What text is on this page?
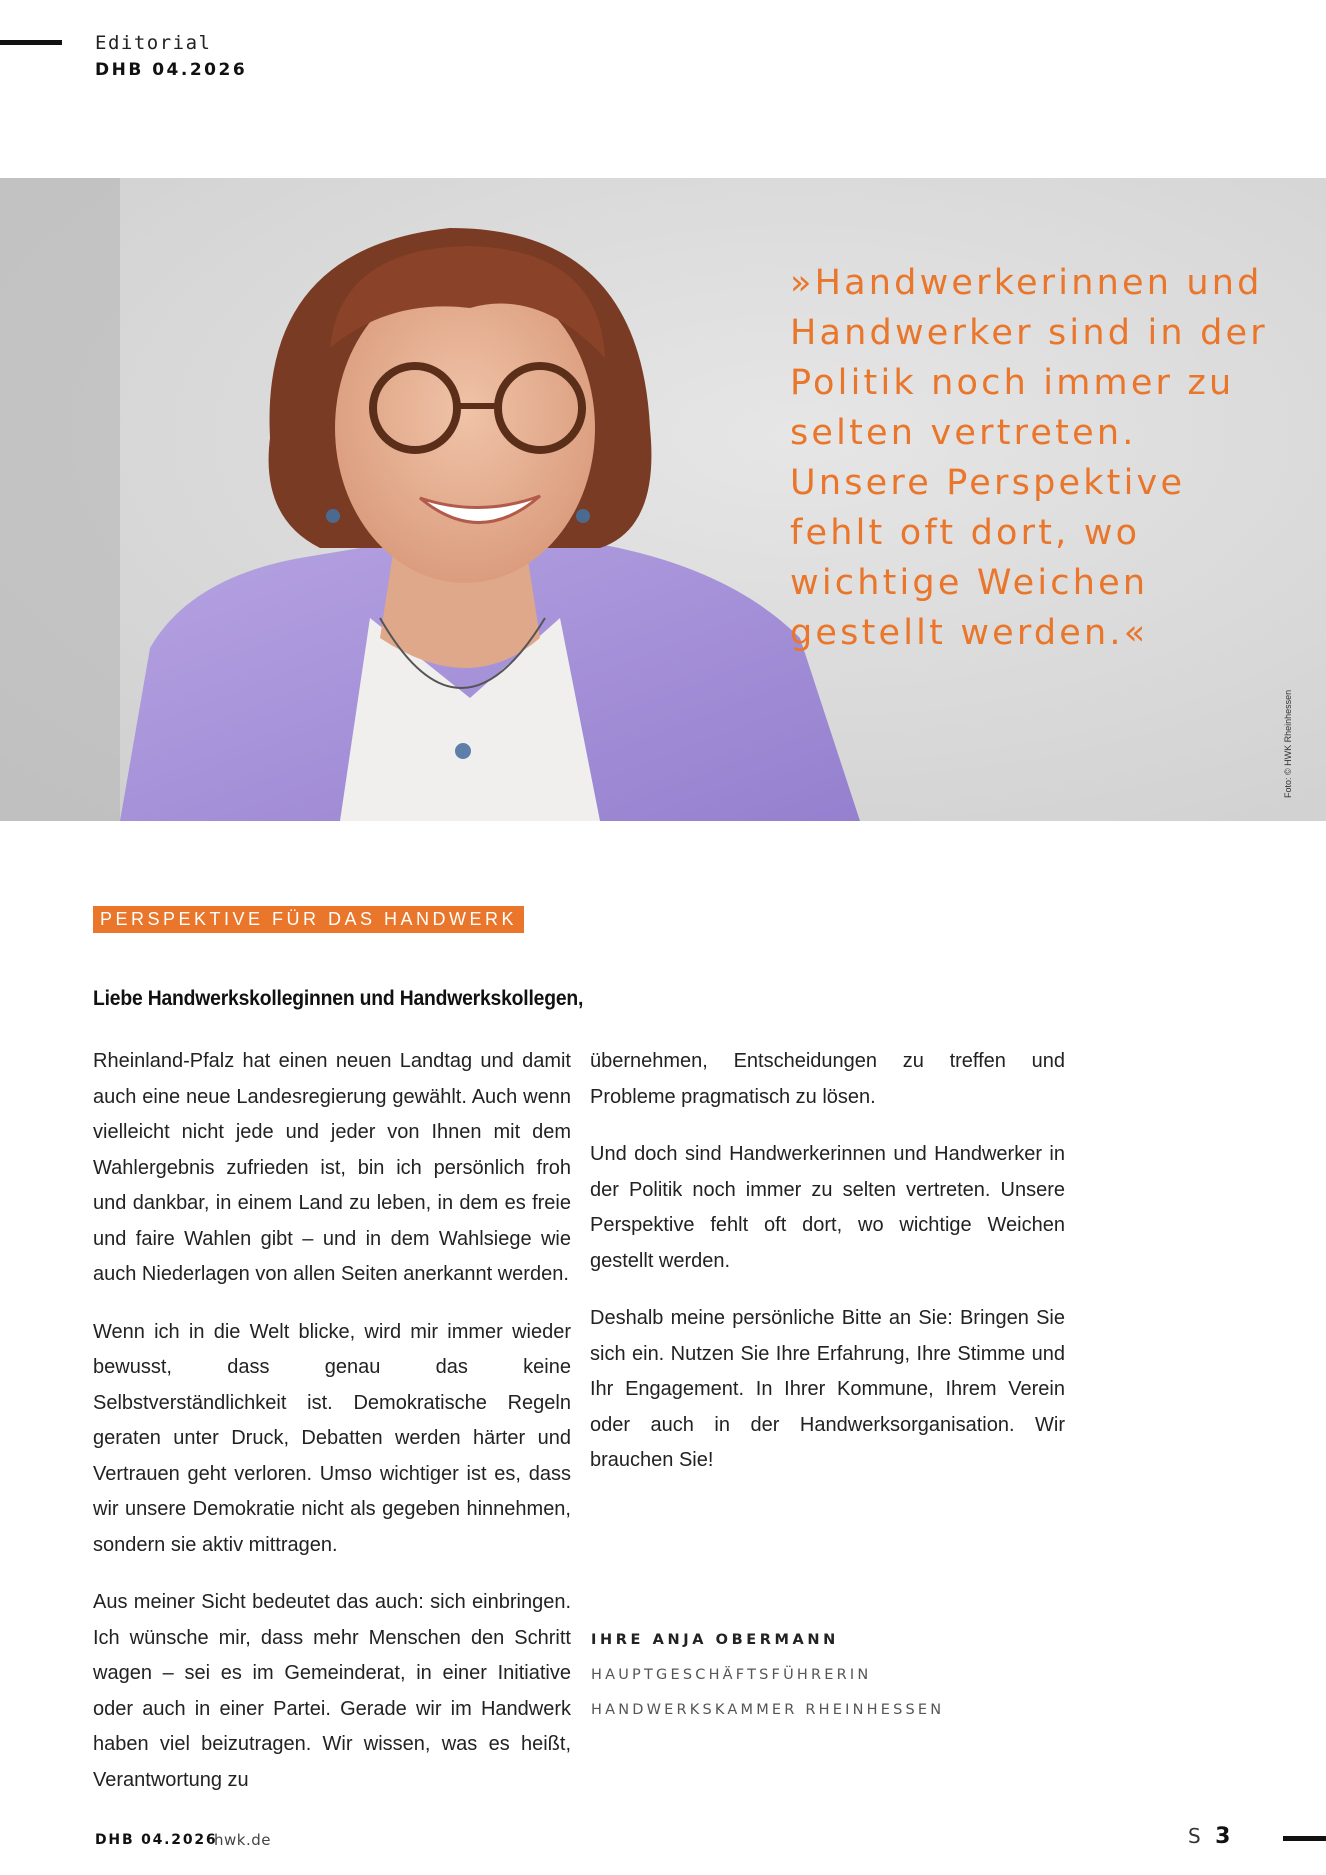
Editorial
DHB 04.2026
»Handwerkerinnen und Handwerker sind in der Politik noch immer zu selten vertreten. Unsere Perspektive fehlt oft dort, wo wichtige Weichen gestellt werden.«
Foto: © HWK Rheinhessen
PERSPEKTIVE FÜR DAS HANDWERK
Liebe Handwerkskolleginnen und Handwerkskollegen,

Rheinland-Pfalz hat einen neuen Landtag und damit auch eine neue Landesregierung gewählt. Auch wenn vielleicht nicht jede und jeder von Ihnen mit dem Wahlergebnis zufrieden ist, bin ich persönlich froh und dankbar, in einem Land zu leben, in dem es freie und faire Wahlen gibt – und in dem Wahlsiege wie auch Niederlagen von allen Seiten anerkannt werden.

Wenn ich in die Welt blicke, wird mir immer wieder bewusst, dass genau das keine Selbstverständlichkeit ist. Demokratische Regeln geraten unter Druck, Debatten werden härter und Vertrauen geht verloren. Umso wichtiger ist es, dass wir unsere Demokratie nicht als gegeben hinnehmen, sondern sie aktiv mittragen.

Aus meiner Sicht bedeutet das auch: sich einbringen. Ich wünsche mir, dass mehr Menschen den Schritt wagen – sei es im Gemeinderat, in einer Initiative oder auch in einer Partei. Gerade wir im Handwerk haben viel beizutragen. Wir wissen, was es heißt, Verantwortung zu

übernehmen, Entscheidungen zu treffen und Probleme pragmatisch zu lösen.

Und doch sind Handwerkerinnen und Handwerker in der Politik noch immer zu selten vertreten. Unsere Perspektive fehlt oft dort, wo wichtige Weichen gestellt werden.

Deshalb meine persönliche Bitte an Sie: Bringen Sie sich ein. Nutzen Sie Ihre Erfahrung, Ihre Stimme und Ihr Engagement. In Ihrer Kommune, Ihrem Verein oder auch in der Handwerksorganisation. Wir brauchen Sie!

IHRE ANJA OBERMANN
HAUPTGESCHÄFTSFÜHRERIN
HANDWERKSKAMMER RHEINHESSEN
DHB 04.2026
hwk.de	S 3
